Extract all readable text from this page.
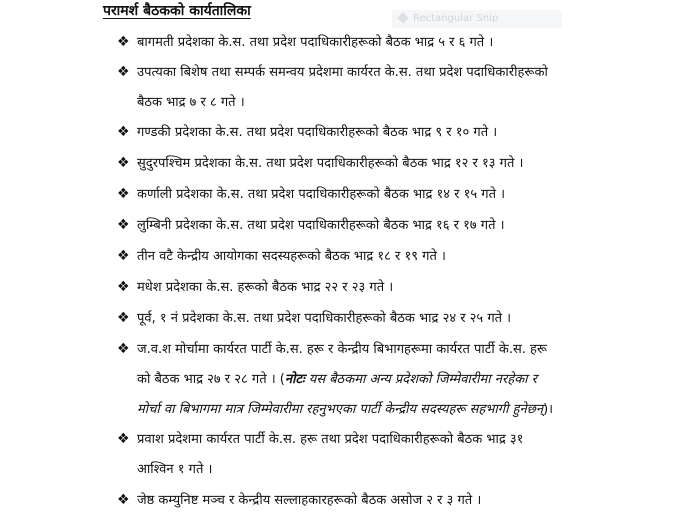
Rectangular Snip
परामर्श बैठकको कार्यतालिका
❖ बागमती प्रदेशका के.स. तथा प्रदेश पदाधिकारीहरूको बैठक भाद्र ५ र ६ गते ।
❖ उपत्यका बिशेष तथा सम्पर्क समन्वय प्रदेशमा कार्यरत के.स. तथा प्रदेश पदाधिकारीहरूको
बैठक भाद्र ७ र ८ गते ।
❖ गण्डकी प्रदेशका के.स. तथा प्रदेश पदाधिकारीहरूको बैठक भाद्र ९ र १० गते ।
❖ सुदुरपश्चिम प्रदेशका के.स. तथा प्रदेश पदाधिकारीहरूको बैठक भाद्र १२ र १३ गते ।
❖ कर्णाली प्रदेशका के.स. तथा प्रदेश पदाधिकारीहरूको बैठक भाद्र १४ र १५ गते ।
❖ लुम्बिनी प्रदेशका के.स. तथा प्रदेश पदाधिकारीहरूको बैठक भाद्र १६ र १७ गते ।
❖ तीन वटै केन्द्रीय आयोगका सदस्यहरूको बैठक भाद्र १८ र १९ गते ।
❖ मधेश प्रदेशका के.स. हरूको बैठक भाद्र २२ र २३ गते ।
❖ पूर्व, १ नं प्रदेशका के.स. तथा प्रदेश पदाधिकारीहरूको बैठक भाद्र २४ र २५ गते ।
❖ ज.व.श मोर्चामा कार्यरत पार्टी के.स. हरू र केन्द्रीय बिभागहरूमा कार्यरत पार्टी के.स. हरू
को बैठक भाद्र २७ र २८ गते । (नोटः यस बैठकमा अन्य प्रदेशको जिम्मेवारीमा नरहेका र
मोर्चा वा बिभागमा मात्र जिम्मेवारीमा रहनुभएका पार्टी केन्द्रीय सदस्यहरू सहभागी हुनेछन्)।
❖ प्रवाश प्रदेशमा कार्यरत पार्टी के.स. हरू तथा प्रदेश पदाधिकारीहरूको बैठक भाद्र ३१
आश्विन १ गते ।
❖ जेष्ठ कम्युनिष्ट मञ्च र केन्द्रीय सल्लाहकारहरूको बैठक असोज २ र ३ गते ।
